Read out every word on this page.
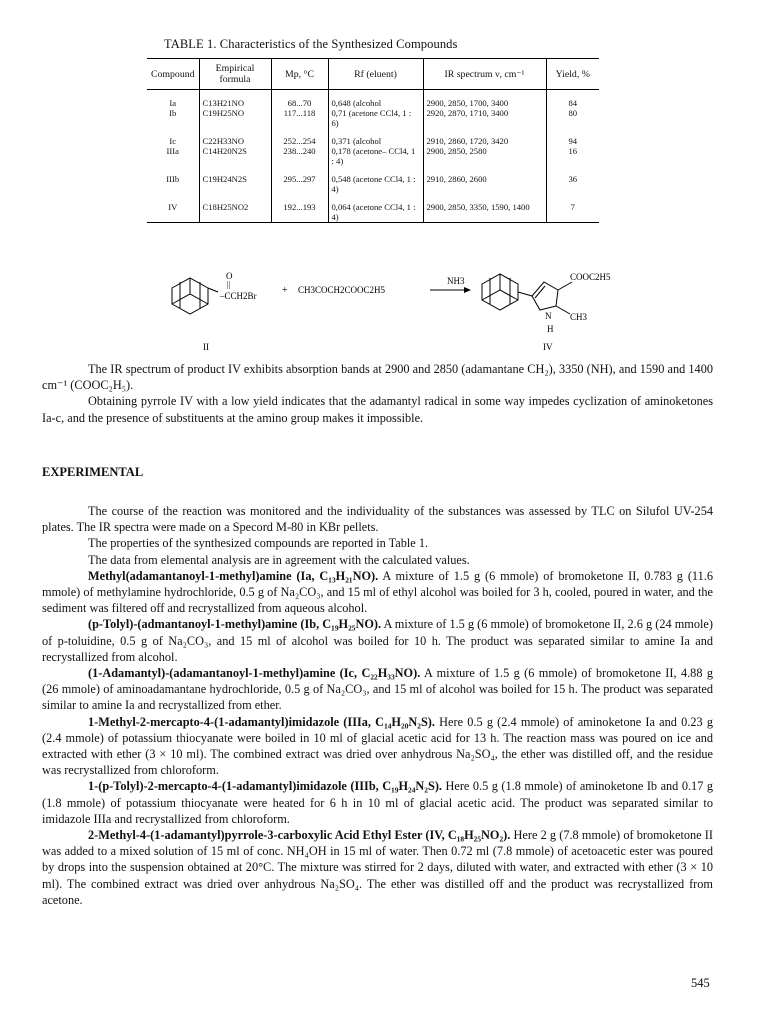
TABLE 1. Characteristics of the Synthesized Compounds
Compound	Empirical formula	Mp, °C	Rf (eluent)	IR spectrum ν, cm⁻¹	Yield, %

Ia	C13H21NO	68...70	0,648 (alcohol	2900, 2850, 1700, 3400	84
Ib	C19H25NO	117...118	0,71 (acetone CCl4, 1 : 6)	2920, 2870, 1710, 3400	80

Ic	C22H33NO	252...254	0,371 (alcohol	2910, 2860, 1720, 3420	94
IIIa	C14H20N2S	238...240	0,178 (acetone– CCl4, 1 : 4)	2900, 2850, 2580	16

IIIb	C19H24N2S	295...297	0,548 (acetone CCl4, 1 : 4)	2910, 2860, 2600	36

IV	C18H25NO2	192...193	0,064 (acetone CCl4, 1 : 4)	2900, 2850, 3350, 1590, 1400	7
O
||
–CCH2Br	+ CH3COCH2COOC2H5
NH3	COOC2H5
CH3
N
H
II	IV

The IR spectrum of product IV exhibits absorption bands at 2900 and 2850 (adamantane CH₂), 3350 (NH), and 1590 and 1400 cm⁻¹ (COOC₂H₅).

Obtaining pyrrole IV with a low yield indicates that the adamantyl radical in some way impedes cyclization of aminoketones Ia-c, and the presence of substituents at the amino group makes it impossible.

EXPERIMENTAL

The course of the reaction was monitored and the individuality of the substances was assessed by TLC on Silufol UV-254 plates. The IR spectra were made on a Specord M-80 in KBr pellets.

The properties of the synthesized compounds are reported in Table 1.

The data from elemental analysis are in agreement with the calculated values.

Methyl(adamantanoyl-1-methyl)amine (Ia, C₁₃H₂₁NO). A mixture of 1.5 g (6 mmole) of bromoketone II, 0.783 g (11.6 mmole) of methylamine hydrochloride, 0.5 g of Na₂CO₃, and 15 ml of ethyl alcohol was boiled for 3 h, cooled, poured in water, and the sediment was filtered off and recrystallized from aqueous alcohol.

(p-Tolyl)-(admantanoyl-1-methyl)amine (Ib, C₁₉H₂₅NO). A mixture of 1.5 g (6 mmole) of bromoketone II, 2.6 g (24 mmole) of p-toluidine, 0.5 g of Na₂CO₃, and 15 ml of alcohol was boiled for 10 h. The product was separated similar to amine Ia and recrystallized from alcohol.

(1-Adamantyl)-(adamantanoyl-1-methyl)amine (Ic, C₂₂H₃₃NO). A mixture of 1.5 g (6 mmole) of bromoketone II, 4.88 g (26 mmole) of aminoadamantane hydrochloride, 0.5 g of Na₂CO₃, and 15 ml of alcohol was boiled for 15 h. The product was separated similar to amine Ia and recrystallized from ether.

1-Methyl-2-mercapto-4-(1-adamantyl)imidazole (IIIa, C₁₄H₂₀N₂S). Here 0.5 g (2.4 mmole) of aminoketone Ia and 0.23 g (2.4 mmole) of potassium thiocyanate were boiled in 10 ml of glacial acetic acid for 13 h. The reaction mass was poured on ice and extracted with ether (3 × 10 ml). The combined extract was dried over anhydrous Na₂SO₄, the ether was distilled off, and the residue was recrystallized from chloroform.

1-(p-Tolyl)-2-mercapto-4-(1-adamantyl)imidazole (IIIb, C₁₉H₂₄N₂S). Here 0.5 g (1.8 mmole) of aminoketone Ib and 0.17 g (1.8 mmole) of potassium thiocyanate were heated for 6 h in 10 ml of glacial acetic acid. The product was separated similar to imidazole IIIa and recrystallized from chloroform.

2-Methyl-4-(1-adamantyl)pyrrole-3-carboxylic Acid Ethyl Ester (IV, C₁₈H₂₅NO₂). Here 2 g (7.8 mmole) of bromoketone II was added to a mixed solution of 15 ml of conc. NH₄OH in 15 ml of water. Then 0.72 ml (7.8 mmole) of acetoacetic ester was poured by drops into the suspension obtained at 20°C. The mixture was stirred for 2 days, diluted with water, and extracted with ether (3 × 10 ml). The combined extract was dried over anhydrous Na₂SO₄. The ether was distilled off and the product was recrystallized from acetone.

545
